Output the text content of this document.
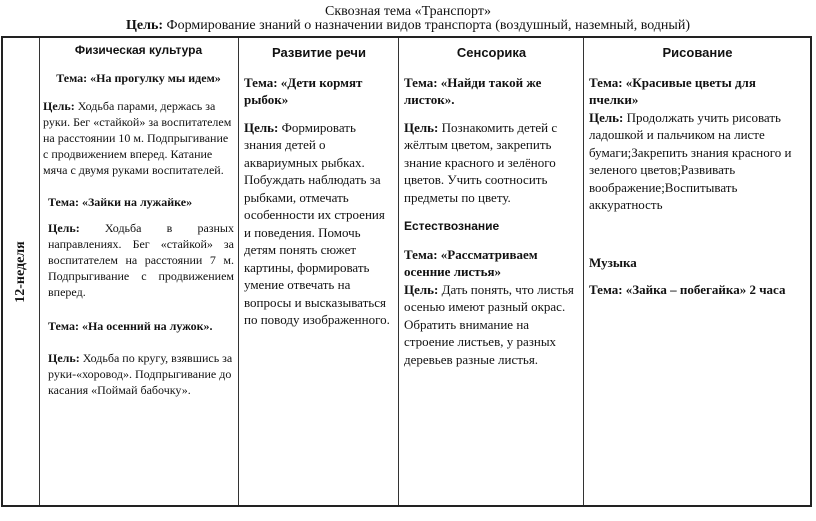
Сквозная тема «Транспорт»
Цель: Формирование знаний о назначении видов транспорта (воздушный, наземный, водный)
12-неделя
Физическая культура

Тема: «На прогулку мы идем»

Цель: Ходьба парами, держась за руки. Бег «стайкой» за воспитателем на расстоянии 10 м. Подпрыгивание с продвижением вперед. Катание мяча с двумя руками воспитателей.

Тема: «Зайки на лужайке»

Цель: Ходьба в разных направлениях. Бег «стайкой» за воспитателем на расстоянии 7 м. Подпрыгивание с продвижением вперед.

Тема: «На осенний на лужок».

Цель: Ходьба по кругу, взявшись за руки-«хоровод». Подпрыгивание до касания «Поймай бабочку».

Развитие речи

Тема: «Дети кормят рыбок»

Цель: Формировать знания детей о аквариумных рыбках. Побуждать наблюдать за рыбками, отмечать особенности их строения и поведения. Помочь детям понять сюжет картины, формировать умение отвечать на вопросы и высказываться по поводу изображенного.

Сенсорика

Тема: «Найди такой же листок».

Цель: Познакомить детей с жёлтым цветом, закрепить знание красного и зелёного цветов. Учить соотносить предметы по цвету.

Естествознание

Тема: «Рассматриваем осенние листья»

Цель: Дать понять, что листья осенью имеют разный окрас. Обратить внимание на строение листьев, у разных деревьев разные листья.

Рисование

Тема: «Красивые цветы для пчелки»

Цель: Продолжать учить рисовать ладошкой и пальчиком на листе бумаги;Закрепить знания красного и зеленого цветов;Развивать воображение;Воспитывать аккуратность

Музыка

Тема: «Зайка – побегайка» 2 часа
